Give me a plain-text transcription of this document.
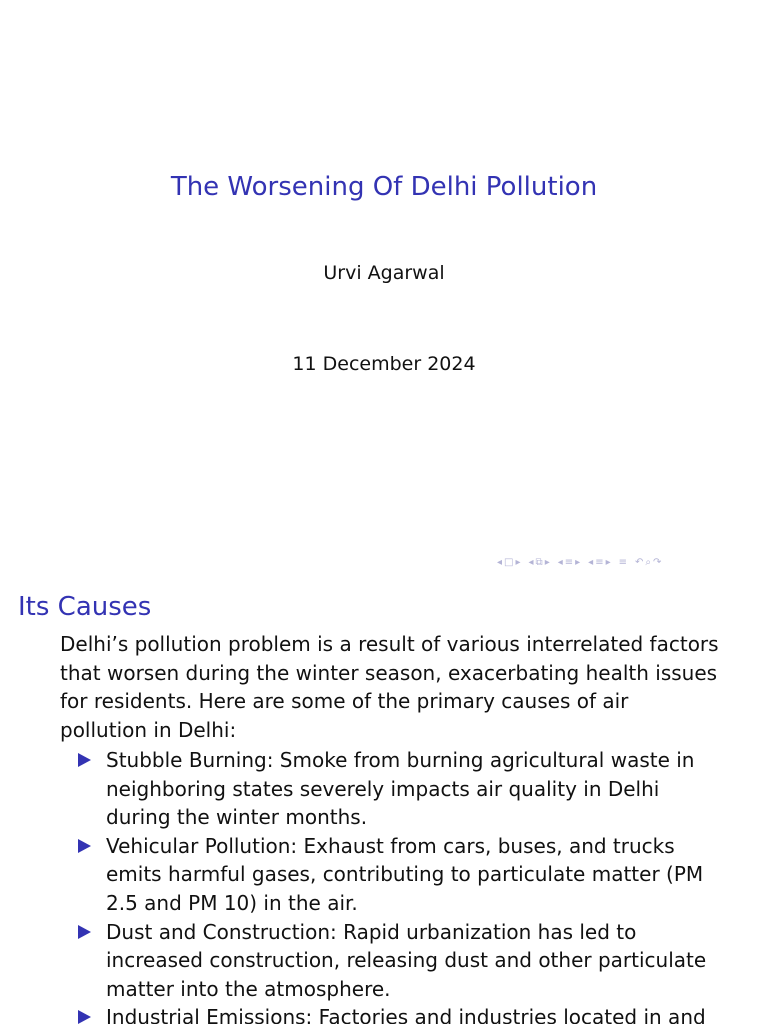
The Worsening Of Delhi Pollution
Urvi Agarwal
11 December 2024
◂ □ ▸ ◂ ⧉ ▸ ◂ ≡ ▸ ◂ ≡ ▸ ≡ ↶ ⌕ ↷
Its Causes

Delhi’s pollution problem is a result of various interrelated factors that worsen during the winter season, exacerbating health issues for residents. Here are some of the primary causes of air pollution in Delhi:

Stubble Burning: Smoke from burning agricultural waste in neighboring states severely impacts air quality in Delhi during the winter months.
Vehicular Pollution: Exhaust from cars, buses, and trucks emits harmful gases, contributing to particulate matter (PM 2.5 and PM 10) in the air.
Dust and Construction: Rapid urbanization has led to increased construction, releasing dust and other particulate matter into the atmosphere.
Industrial Emissions: Factories and industries located in and
